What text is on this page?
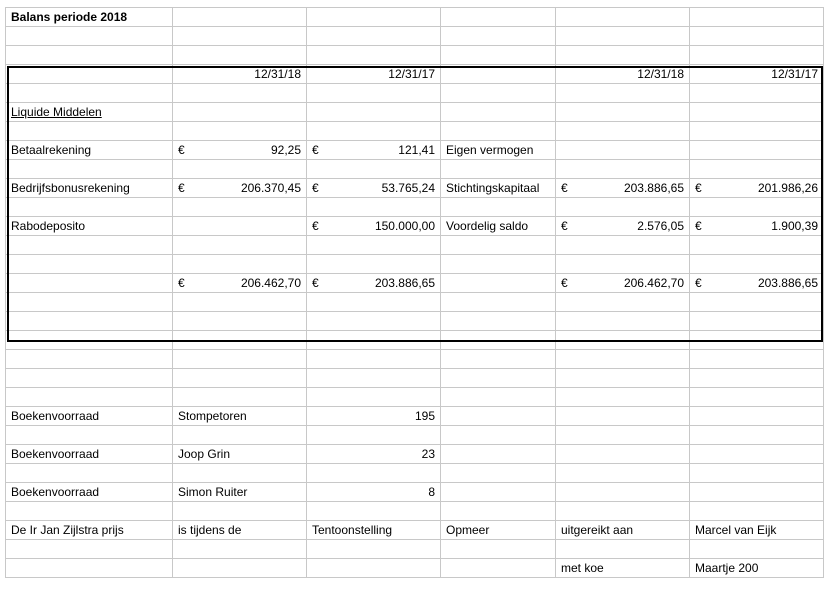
Balans periode 2018					

	12/31/18	12/31/17		12/31/18	12/31/17

Liquide Middelen					

Betaalrekening	€ 92,25	€ 121,41	Eigen vermogen		

Bedrijfsbonusrekening	€ 206.370,45	€ 53.765,24	Stichtingskapitaal	€ 203.886,65	€ 201.986,26

Rabodeposito		€ 150.000,00	Voordelig saldo	€ 2.576,05	€ 1.900,39

	€ 206.462,70	€ 203.886,65		€ 206.462,70	€ 203.886,65

Boekenvoorraad	Stompetoren	195			

Boekenvoorraad	Joop Grin	23			

Boekenvoorraad	Simon Ruiter	8			

De Ir Jan Zijlstra prijs	is tijdens de	Tentoonstelling	Opmeer	uitgereikt aan	Marcel van Eijk

				met koe	Maartje 200
